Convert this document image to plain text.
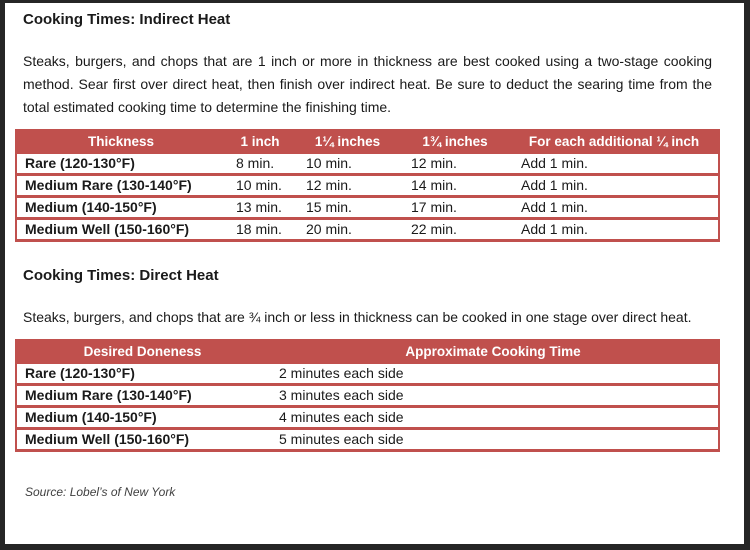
Cooking Times: Indirect Heat

Steaks, burgers, and chops that are 1 inch or more in thickness are best cooked using a two-stage cooking method. Sear first over direct heat, then finish over indirect heat. Be sure to deduct the searing time from the total estimated cooking time to determine the finishing time.

Thickness	1 inch	1¼ inches	1¾ inches	For each additional ¼ inch
Rare (120-130°F)	8 min.	10 min.	12 min.	Add 1 min.
Medium Rare (130-140°F)	10 min.	12 min.	14 min.	Add 1 min.
Medium (140-150°F)	13 min.	15 min.	17 min.	Add 1 min.
Medium Well (150-160°F)	18 min.	20 min.	22 min.	Add 1 min.
Cooking Times: Direct Heat

Steaks, burgers, and chops that are ¾ inch or less in thickness can be cooked in one stage over direct heat.

Desired Doneness	Approximate Cooking Time
Rare (120-130°F)	2 minutes each side
Medium Rare (130-140°F)	3 minutes each side
Medium (140-150°F)	4 minutes each side
Medium Well (150-160°F)	5 minutes each side
Source: Lobel’s of New York
